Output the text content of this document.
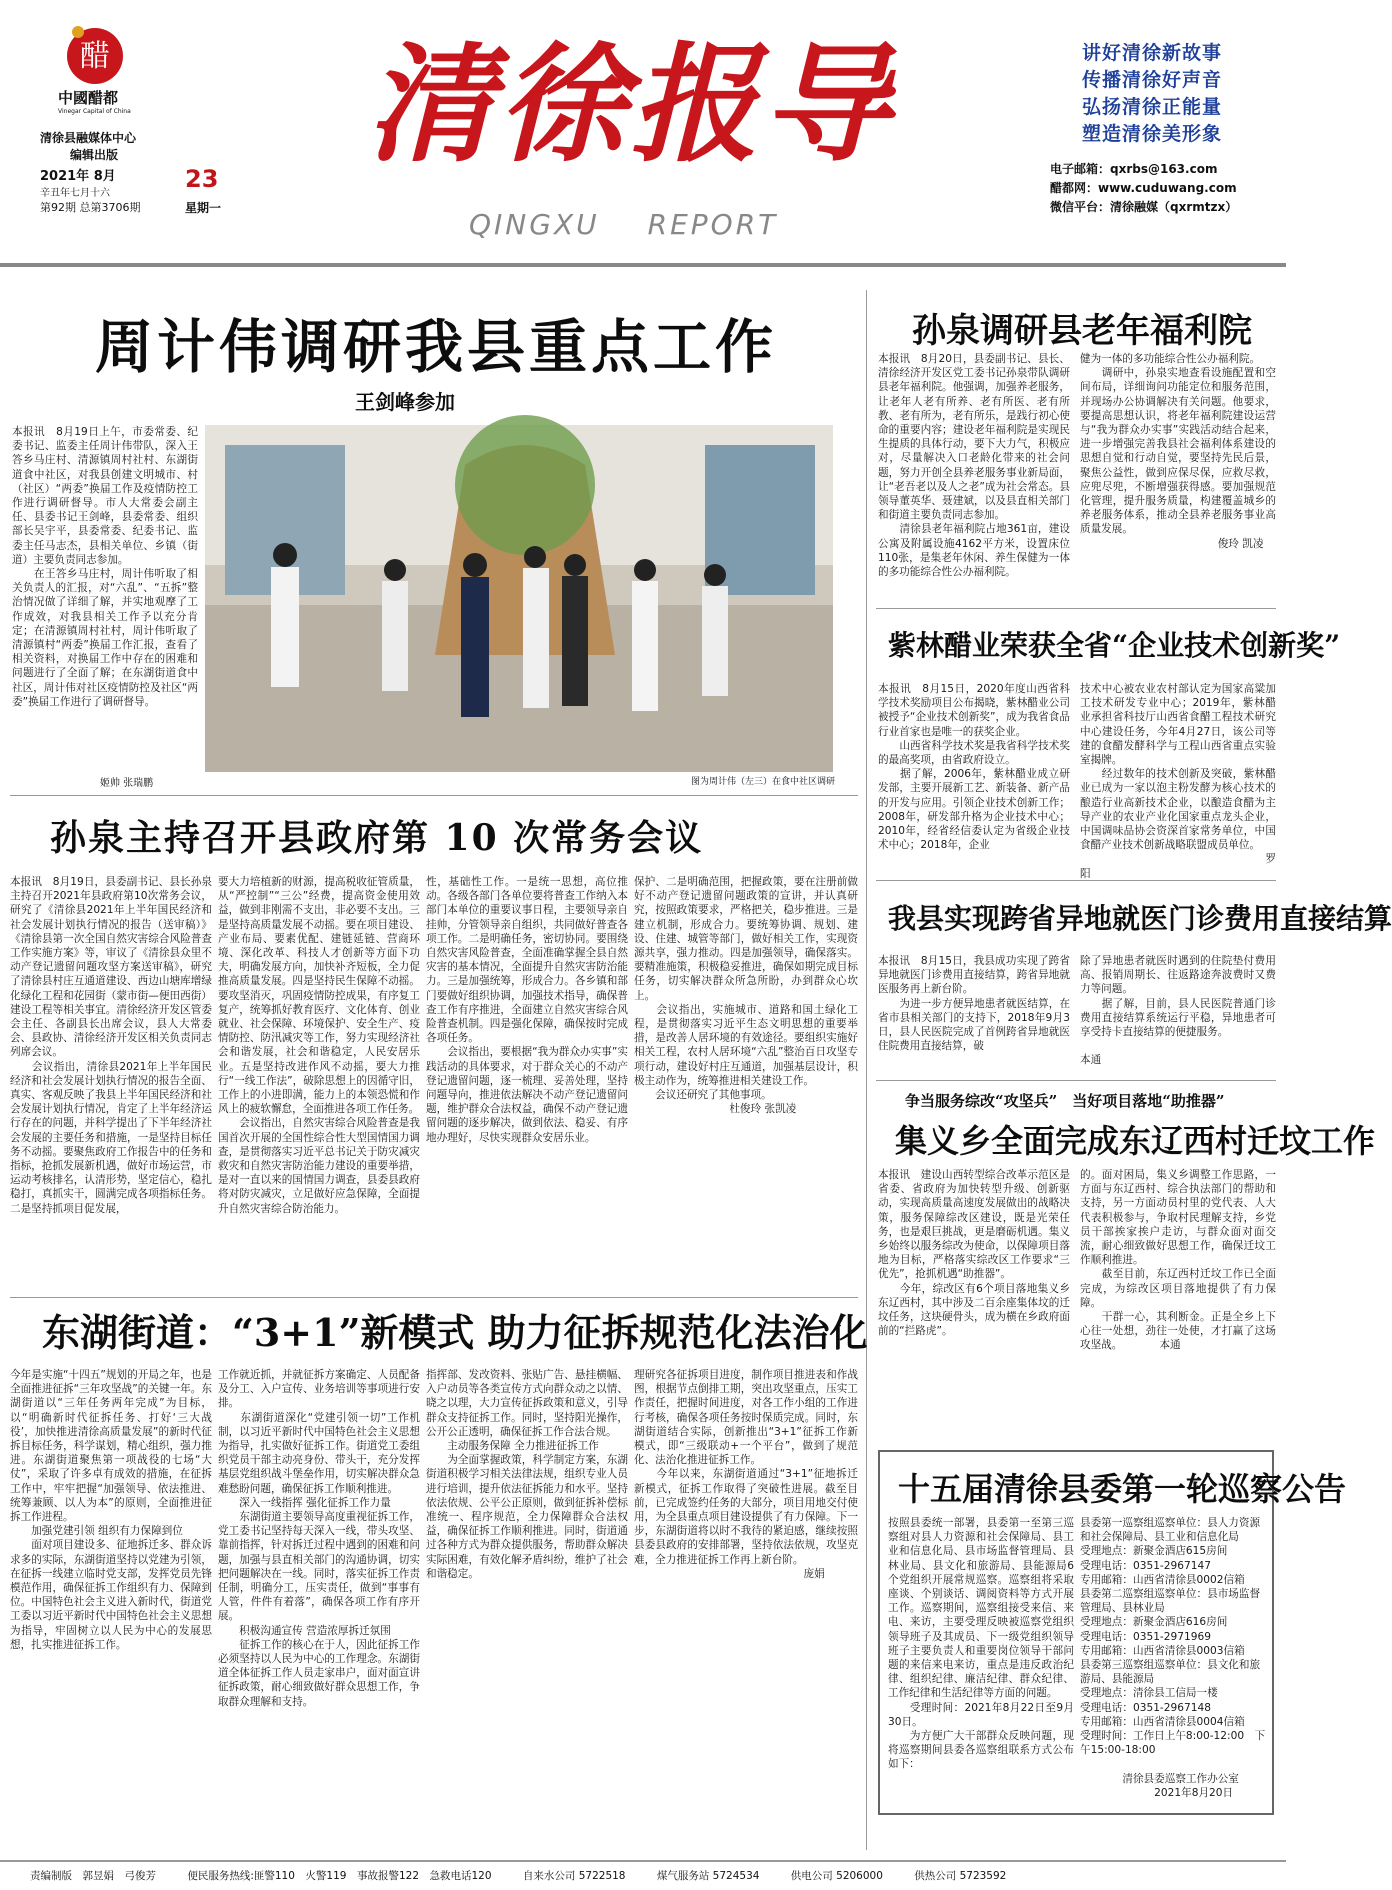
醋
中國醋都
Vinegar Capital of China
清徐县融媒体中心
编辑出版
2021年 8月
辛丑年七月十六
第92期 总第3706期
23
星期一
清徐报导
QINGXU REPORT
讲好清徐新故事
传播清徐好声音
弘扬清徐正能量
塑造清徐美形象
电子邮箱：qxrbs@163.com
醋都网：www.cuduwang.com
微信平台：清徐融媒（qxrmtzx）
周计伟调研我县重点工作
王剑峰参加
本报讯　8月19日上午，市委常委、纪委书记、监委主任周计伟带队，深入王答乡马庄村、清源镇周村社村、东湖街道食中社区，对我县创建文明城市、村（社区）“两委”换届工作及疫情防控工作进行调研督导。市人大常委会副主任、县委书记王剑峰，县委常委、组织部长吴宇平，县委常委、纪委书记、监委主任马志杰，县相关单位、乡镇（街道）主要负责同志参加。
　　在王答乡马庄村，周计伟听取了相关负责人的汇报，对“六乱”、“五拆”整治情况做了详细了解，并实地观摩了工作成效，对我县相关工作予以充分肯定；在清源镇周村社村，周计伟听取了清源镇村“两委”换届工作汇报，查看了相关资料，对换届工作中存在的困难和问题进行了全面了解；在东湖街道食中社区，周计伟对社区疫情防控及社区“两委”换届工作进行了调研督导。
姬帅 张瑞鹏	图为周计伟（左三）在食中社区调研
孙泉主持召开县政府第 10 次常务会议
本报讯　8月19日，县委副书记、县长孙泉主持召开2021年县政府第10次常务会议，研究了《清徐县2021年上半年国民经济和社会发展计划执行情况的报告（送审稿）》《清徐县第一次全国自然灾害综合风险普查工作实施方案》等，审议了《清徐县众里不动产登记遗留问题攻坚方案送审稿》，研究了清徐县村庄互通道建设、西边山塘库增绿化绿化工程和花园街（蒙市街—便田西街）建设工程等相关事宜。清徐经济开发区管委会主任、各副县长出席会议，县人大常委会、县政协、清徐经济开发区相关负责同志列席会议。
　　会议指出，清徐县2021年上半年国民经济和社会发展计划执行情况的报告全面、真实、客观反映了我县上半年国民经济和社会发展计划执行情况，肯定了上半年经济运行存在的问题，并科学提出了下半年经济社会发展的主要任务和措施，一是坚持目标任务不动摇。要聚焦政府工作报告中的任务和指标，抢抓发展新机遇，做好市场运营，市运动考核排名，认清形势，坚定信心，稳扎稳打，真抓实干，圆满完成各项指标任务。二是坚持抓项目促发展，
要大力培植新的财源，提高税收征管质量，从“严控制”“三公”经费，提高资金使用效益，做到非刚需不支出，非必要不支出。三是坚持高质量发展不动摇。要在项目建设、产业布局、要素优配、建链延链、营商环境、深化改革、科技人才创新等方面下功夫，明确发展方向，加快补齐短板，全力促推高质量发展。四是坚持民生保障不动摇。要攻坚消灭，巩固疫情防控成果，有序复工复产，统筹抓好教育医疗、文化体育、创业就业、社会保障、环境保护、安全生产、疫情防控、防汛减灾等工作，努力实现经济社会和谐发展，社会和谐稳定，人民安居乐业。五是坚持改进作风不动摇，要大力推行“一线工作法”，破除思想上的因循守旧，工作上的小进即满，能力上的本领恐慌和作风上的疲软懈怠，全面推进各项工作任务。
　　会议指出，自然灾害综合风险普查是我国首次开展的全国性综合性大型国情国力调查，是贯彻落实习近平总书记关于防灾减灾救灾和自然灾害防治能力建设的重要举措，是对一直以来的国情国力调查，县委县政府将对防灾减灾，立足做好应急保障，全面提升自然灾害综合防治能力。
性，基础性工作。一是统一思想，高位推动。各级各部门各单位要将普查工作纳入本部门本单位的重要议事日程，主要领导亲自挂帅，分管领导亲自组织，共同做好普查各项工作。二是明确任务，密切协同。要围绕自然灾害风险普查，全面准确掌握全县自然灾害的基本情况，全面提升自然灾害防治能力。三是加强统筹，形成合力。各乡镇和部门要做好组织协调，加强技术指导，确保普查工作有序推进，全面建立自然灾害综合风险普查机制。四是强化保障，确保按时完成各项任务。
　　会议指出，要根据“我为群众办实事”实践活动的具体要求，对于群众关心的不动产登记遗留问题，逐一梳理、妥善处理，坚持问题导向，推进依法解决不动产登记遗留问题，维护群众合法权益，确保不动产登记遗留问题的逐步解决，做到依法、稳妥、有序地办理好，尽快实现群众安居乐业。
保护、二是明确范围，把握政策，要在注册前做好不动产登记遗留问题政策的宣讲，并认真研究，按照政策要求，严格把关，稳步推进。三是建立机制，形成合力。要统筹协调、规划、建设、住建、城管等部门，做好相关工作，实现资源共享，强力推动。四是加强领导，确保落实。要精准施策，积极稳妥推进，确保如期完成目标任务，切实解决群众所急所盼，办到群众心坎上。
　　会议指出，实施城市、道路和国土绿化工程，是贯彻落实习近平生态文明思想的重要举措，是改善人居环境的有效途径。要组织实施好相关工程，农村人居环境“六乱”整治百日攻坚专项行动，建设好村庄互通道，加强基层设计，积极主动作为，统筹推进相关建设工作。
　　会议还研究了其他事项。
　　　　　　　　　杜俊玲 张凯凌
东湖街道：“3+1”新模式 助力征拆规范化法治化
今年是实施“十四五”规划的开局之年，也是全面推进征拆“三年攻坚战”的关键一年。东湖街道以“三年任务两年完成”为目标，以“明确新时代征拆任务、打好‘三大战役’，加快推进清徐高质量发展”的新时代征拆目标任务，科学谋划，精心组织，强力推进。东湖街道聚焦第一项战役的七场“大仗”，采取了许多卓有成效的措施，在征拆工作中，牢牢把握“加强领导、依法推进、统筹兼顾、以人为本”的原则，全面推进征拆工作进程。
　　加强党建引领 组织有力保障到位
　　面对项目建设多、征地拆迁多、群众诉求多的实际，东湖街道坚持以党建为引领，在征拆一线建立临时党支部，发挥党员先锋模范作用，确保征拆工作组织有力、保障到位。中国特色社会主义进入新时代，街道党工委以习近平新时代中国特色社会主义思想为指导，牢固树立以人民为中心的发展思想，扎实推进征拆工作。
工作就近抓，并就征拆方案确定、人员配备及分工、入户宣传、业务培训等事项进行安排。
　　东湖街道深化“党建引领一切”工作机制，以习近平新时代中国特色社会主义思想为指导，扎实做好征拆工作。街道党工委组织党员干部主动亮身份、带头干，充分发挥基层党组织战斗堡垒作用，切实解决群众急难愁盼问题，确保征拆工作顺利推进。
　　深入一线指挥 强化征拆工作力量
　　东湖街道主要领导高度重视征拆工作，党工委书记坚持每天深入一线，带头攻坚、靠前指挥，针对拆迁过程中遇到的困难和问题，加强与县直相关部门的沟通协调，切实把问题解决在一线。同时，落实征拆工作责任制，明确分工，压实责任，做到“事事有人管，件件有着落”，确保各项工作有序开展。
　　积极沟通宣传 营造浓厚拆迁氛围
　　征拆工作的核心在于人，因此征拆工作必须坚持以人民为中心的工作理念。东湖街道全体征拆工作人员走家串户，面对面宣讲征拆政策，耐心细致做好群众思想工作，争取群众理解和支持。
指挥部、发改资料、张贴广告、悬挂横幅、入户动员等各类宣传方式向群众动之以情、晓之以理，大力宣传征拆政策和意义，引导群众支持征拆工作。同时，坚持阳光操作，公开公正透明，确保征拆工作合法合规。
　　主动服务保障 全力推进征拆工作
　　为全面掌握政策，科学制定方案，东湖街道积极学习相关法律法规，组织专业人员进行培训，提升依法征拆能力和水平。坚持依法依规、公平公正原则，做到征拆补偿标准统一、程序规范，全力保障群众合法权益，确保征拆工作顺利推进。同时，街道通过各种方式为群众提供服务，帮助群众解决实际困难，有效化解矛盾纠纷，维护了社会和谐稳定。
理研究各征拆项目进度，制作项目推进表和作战图，根据节点倒排工期，突出攻坚重点，压实工作责任，把握时间进度，对各工作小组的工作进行考核，确保各项任务按时保质完成。同时，东湖街道结合实际，创新推出“3+1”征拆工作新模式，即“三级联动+一个平台”，做到了规范化、法治化推进征拆工作。
　　今年以来，东湖街道通过“3+1”征地拆迁新模式，征拆工作取得了突破性进展。截至目前，已完成签约任务的大部分，项目用地交付使用，为全县重点项目建设提供了有力保障。下一步，东湖街道将以时不我待的紧迫感，继续按照县委县政府的安排部署，坚持依法依规，攻坚克难，全力推进征拆工作再上新台阶。
　　　　　　　　　　　　　　　　庞娟
孙泉调研县老年福利院
本报讯　8月20日，县委副书记、县长、清徐经济开发区党工委书记孙泉带队调研县老年福利院。他强调，加强养老服务，让老年人老有所养、老有所医、老有所教、老有所为，老有所乐，是践行初心使命的重要内容；建设老年福利院是实现民生提质的具体行动，要下大力气，积极应对，尽量解决入口老龄化带来的社会问题，努力开创全县养老服务事业新局面，让“老吾老以及人之老”成为社会常态。县领导董英华、聂建斌，以及县直相关部门和街道主要负责同志参加。
　　清徐县老年福利院占地361亩，建设公寓及附属设施4162平方米，设置床位110张，是集老年休闲、养生保健为一体的多功能综合性公办福利院。
健为一体的多功能综合性公办福利院。
　　调研中，孙泉实地查看设施配置和空间布局，详细询问功能定位和服务范围，并现场办公协调解决有关问题。他要求，要提高思想认识，将老年福利院建设运营与“我为群众办实事”实践活动结合起来，进一步增强完善我县社会福利体系建设的思想自觉和行动自觉，要坚持先民后景，聚焦公益性，做到应保尽保，应救尽救，应兜尽兜，不断增强获得感。要加强规范化管理，提升服务质量，构建覆盖城乡的养老服务体系，推动全县养老服务事业高质量发展。
　　　　　　　　　　　　　俊玲 凯凌
紫林醋业荣获全省“企业技术创新奖”
本报讯　8月15日，2020年度山西省科学技术奖励项目公布揭晓，紫林醋业公司被授予“企业技术创新奖”，成为我省食品行业首家也是唯一的获奖企业。
　　山西省科学技术奖是我省科学技术奖的最高奖项，由省政府设立。
　　据了解，2006年，紫林醋业成立研发部，主要开展新工艺、新装备、新产品的开发与应用。引领企业技术创新工作；2008年，研发部升格为企业技术中心；2010年，经省经信委认定为省级企业技术中心；2018年，企业
技术中心被农业农村部认定为国家高粱加工技术研发专业中心；2019年，紫林醋业承担省科技厅山西省食醋工程技术研究中心建设任务，今年4月27日，该公司等建的食醋发酵科学与工程山西省重点实验室揭牌。
　　经过数年的技术创新及突破，紫林醋业已成为一家以泡主粉发酵为核心技术的酿造行业高新技术企业，以酿造食醋为主导产业的农业产业化国家重点龙头企业，中国调味品协会资深首家常务单位，中国食醋产业技术创新战略联盟成员单位。
　　　　　　　　　　　　　　　　　罗阳
我县实现跨省异地就医门诊费用直接结算
本报讯　8月15日，我县成功实现了跨省异地就医门诊费用直接结算，跨省异地就医服务再上新台阶。
　　为进一步方便异地患者就医结算，在省市县相关部门的支持下，2018年9月3日，县人民医院完成了首例跨省异地就医住院费用直接结算，破
除了异地患者就医时遇到的住院垫付费用高、报销周期长、往返路途奔波费时又费力等问题。
　　据了解，目前，县人民医院普通门诊费用直接结算系统运行平稳，异地患者可享受持卡直接结算的便捷服务。
　　　　　　　　　　　　　　　　　　　本通
争当服务综改“攻坚兵”　当好项目落地“助推器”
集义乡全面完成东辽西村迁坟工作
本报讯　建设山西转型综合改革示范区是省委、省政府为加快转型升级、创新驱动，实现高质量高速度发展做出的战略决策，服务保障综改区建设，既是光荣任务，也是艰巨挑战，更是磨砺机遇。集义乡始终以服务综改为使命，以保障项目落地为目标，严格落实综改区工作要求“三优先”，抢抓机遇“助推器”。
　　今年，综改区有6个项目落地集义乡东辽西村，其中涉及二百余座集体坟的迁坟任务，这块硬骨头，成为横在乡政府面前的“拦路虎”。
的。面对困局，集义乡调整工作思路，一方面与东辽西村、综合执法部门的帮助和支持，另一方面动员村里的党代表、人大代表积极参与，争取村民理解支持，乡党员干部挨家挨户走访，与群众面对面交流，耐心细致做好思想工作，确保迁坟工作顺利推进。
　　截至目前，东辽西村迁坟工作已全面完成，为综改区项目落地提供了有力保障。
　　干群一心，其利断金。正是全乡上下心往一处想，劲往一处使，才打赢了这场攻坚战。　　　　本通
十五届清徐县委第一轮巡察公告
按照县委统一部署，县委第一至第三巡察组对县人力资源和社会保障局、县工业和信息化局、县市场监督管理局、县林业局、县文化和旅游局、县能源局6个党组织开展常规巡察。巡察组将采取座谈、个别谈话、调阅资料等方式开展工作。巡察期间，巡察组接受来信、来电、来访，主要受理反映被巡察党组织领导班子及其成员、下一级党组织领导班子主要负责人和重要岗位领导干部问题的来信来电来访，重点是违反政治纪律、组织纪律、廉洁纪律、群众纪律、工作纪律和生活纪律等方面的问题。
　　受理时间：2021年8月22日至9月30日。
　　为方便广大干部群众反映问题，现将巡察期间县委各巡察组联系方式公布如下：
县委第一巡察组巡察单位：县人力资源和社会保障局、县工业和信息化局
受理地点：新聚金酒店615房间
受理电话：0351-2967147
专用邮箱：山西省清徐县0002信箱
县委第二巡察组巡察单位：县市场监督管理局、县林业局
受理地点：新聚金酒店616房间
受理电话：0351-2971969
专用邮箱：山西省清徐县0003信箱
县委第三巡察组巡察单位：县文化和旅游局、县能源局
受理地点：清徐县工信局一楼
受理电话：0351-2967148
专用邮箱：山西省清徐县0004信箱
受理时间：工作日上午8:00-12:00　下午15:00-18:00

　　　　清徐县委巡察工作办公室
　　　　　　　2021年8月20日
责编制版　郭昱娟　弓俊芳	便民服务热线:匪警110　火警119　事故报警122　急救电话120	自来水公司 5722518	煤气服务站 5724534	供电公司 5206000	供热公司 5723592
